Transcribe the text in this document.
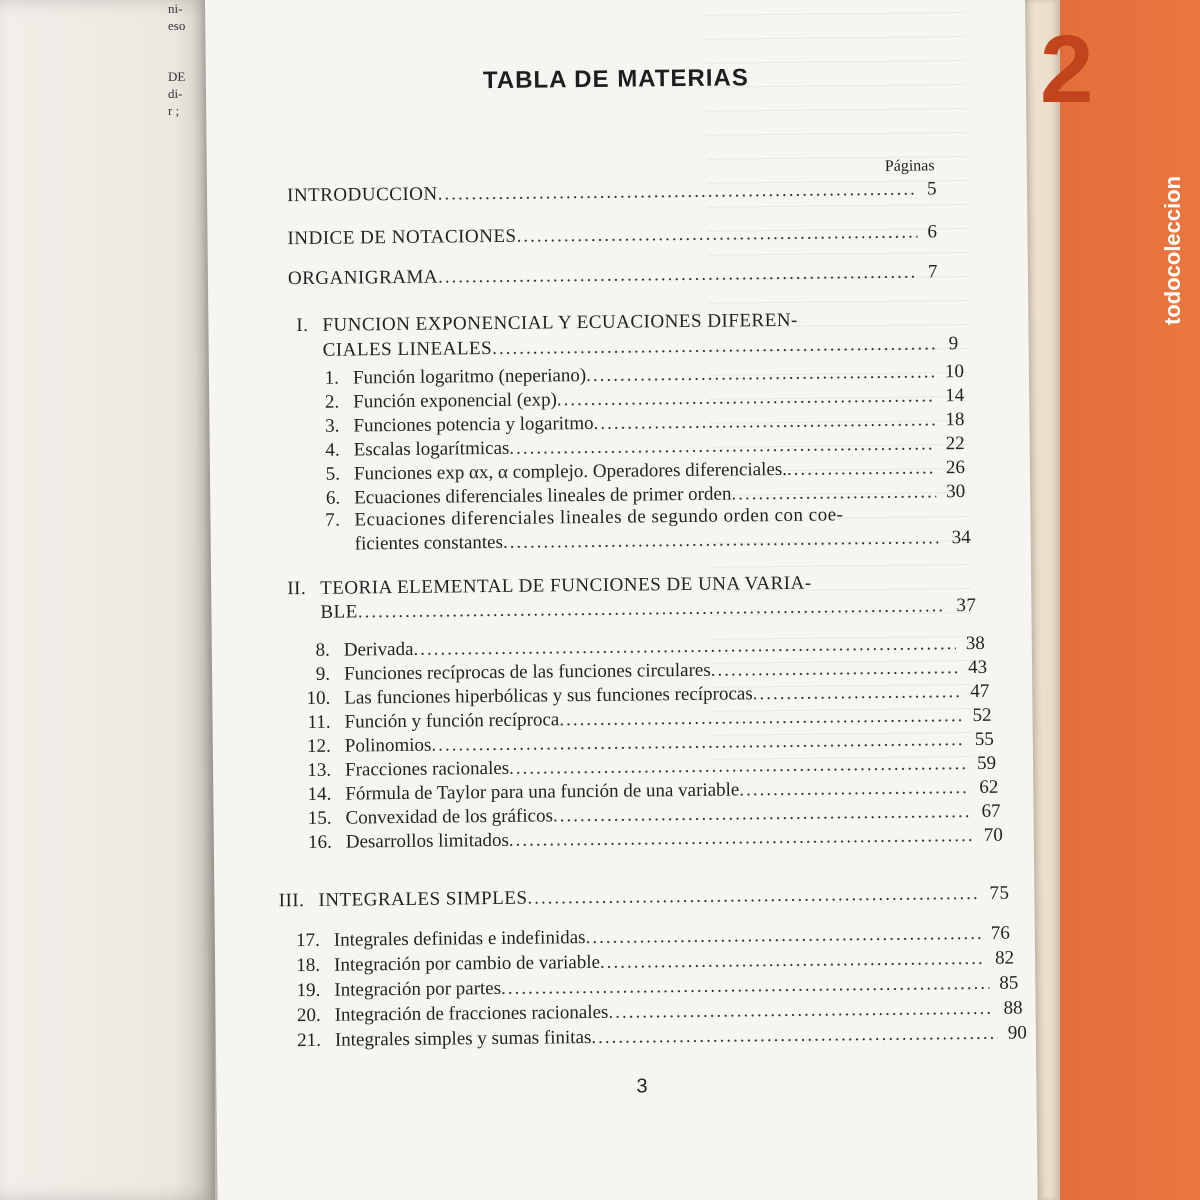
2
todocoleccion
ni-
eso
DE
di-
r ;
TABLA DE MATERIAS
Páginas
INTRODUCCION .....	5
INDICE DE NOTACIONES .....	6
ORGANIGRAMA .....	7
I. FUNCION EXPONENCIAL Y ECUACIONES DIFEREN-
CIALES LINEALES .....	9
1. Función logaritmo (neperiano) .....	10
2. Función exponencial (exp) .....	14
3. Funciones potencia y logaritmo .....	18
4. Escalas logarítmicas .....	22
5. Funciones exp αx, α complejo. Operadores diferenciales. .....	26
6. Ecuaciones diferenciales lineales de primer orden .....	30
7. Ecuaciones diferenciales lineales de segundo orden con coe-
ficientes constantes .....	34
II. TEORIA ELEMENTAL DE FUNCIONES DE UNA VARIA-
BLE .....	37
8. Derivada .....	38
9. Funciones recíprocas de las funciones circulares .....	43
10. Las funciones hiperbólicas y sus funciones recíprocas .....	47
11. Función y función recíproca .....	52
12. Polinomios .....	55
13. Fracciones racionales .....	59
14. Fórmula de Taylor para una función de una variable .....	62
15. Convexidad de los gráficos .....	67
16. Desarrollos limitados .....	70
III. INTEGRALES SIMPLES .....	75
17. Integrales definidas e indefinidas .....	76
18. Integración por cambio de variable .....	82
19. Integración por partes .....	85
20. Integración de fracciones racionales .....	88
21. Integrales simples y sumas finitas .....	90
3
